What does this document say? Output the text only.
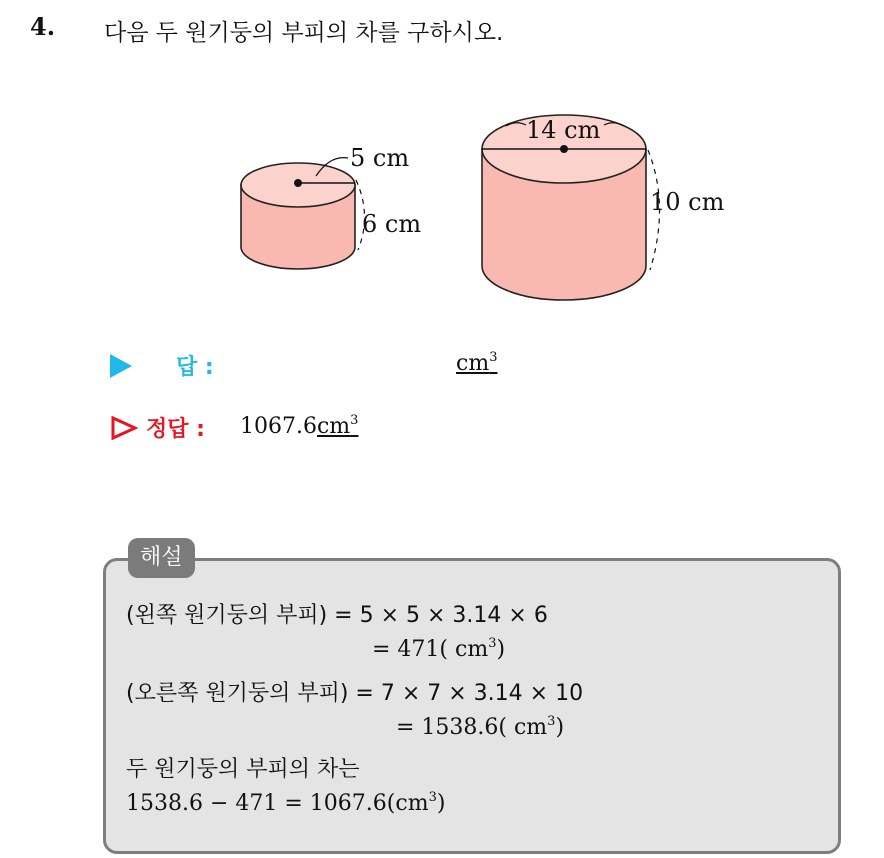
4. 다음 두 원기둥의 부피의 차를 구하시오.
5 cm
6 cm
14 cm
10 cm
답 :	$cm^3$
정답 : $1067.6cm^3$
해설
(왼쪽 원기둥의 부피) = 5 × 5 × 3.14 × 6
= 471( $cm^3$)
(오른쪽 원기둥의 부피) = 7 × 7 × 3.14 × 10
= 1538.6( $cm^3$)
두 원기둥의 부피의 차는
$1538.6 - 471 = 1067.6(cm^3)$
